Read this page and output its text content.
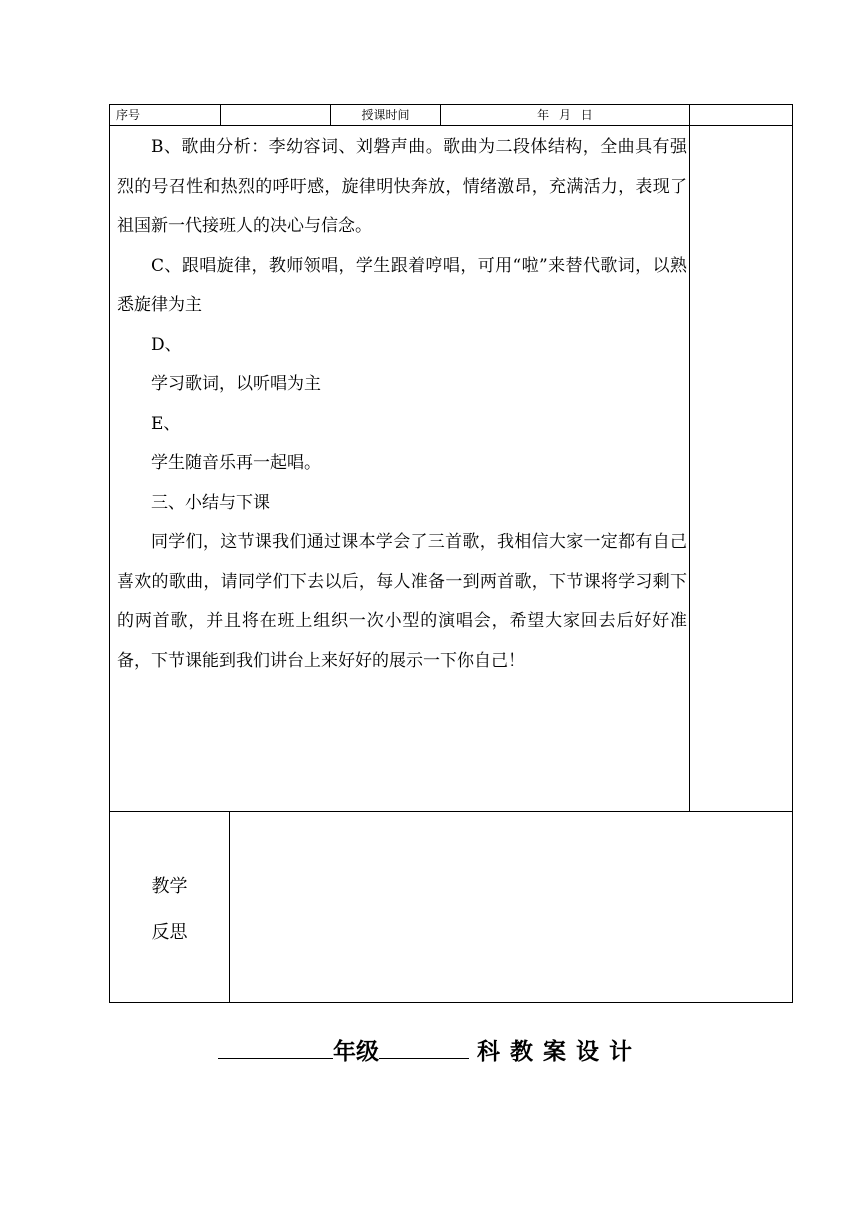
序号	授课时间	年 月 日

B、歌曲分析：李幼容词、刘磐声曲。歌曲为二段体结构，全曲具有强烈的号召性和热烈的呼吁感，旋律明快奔放，情绪激昂，充满活力，表现了祖国新一代接班人的决心与信念。

C、跟唱旋律，教师领唱，学生跟着哼唱，可用“啦”来替代歌词，以熟悉旋律为主

D、

学习歌词，以听唱为主

E、

学生随音乐再一起唱。

三、小结与下课

同学们，这节课我们通过课本学会了三首歌，我相信大家一定都有自己喜欢的歌曲，请同学们下去以后，每人准备一到两首歌，下节课将学习剩下的两首歌，并且将在班上组织一次小型的演唱会，希望大家回去后好好准备，下节课能到我们讲台上来好好的展示一下你自己！

教学
反思
年级	科教案设计
